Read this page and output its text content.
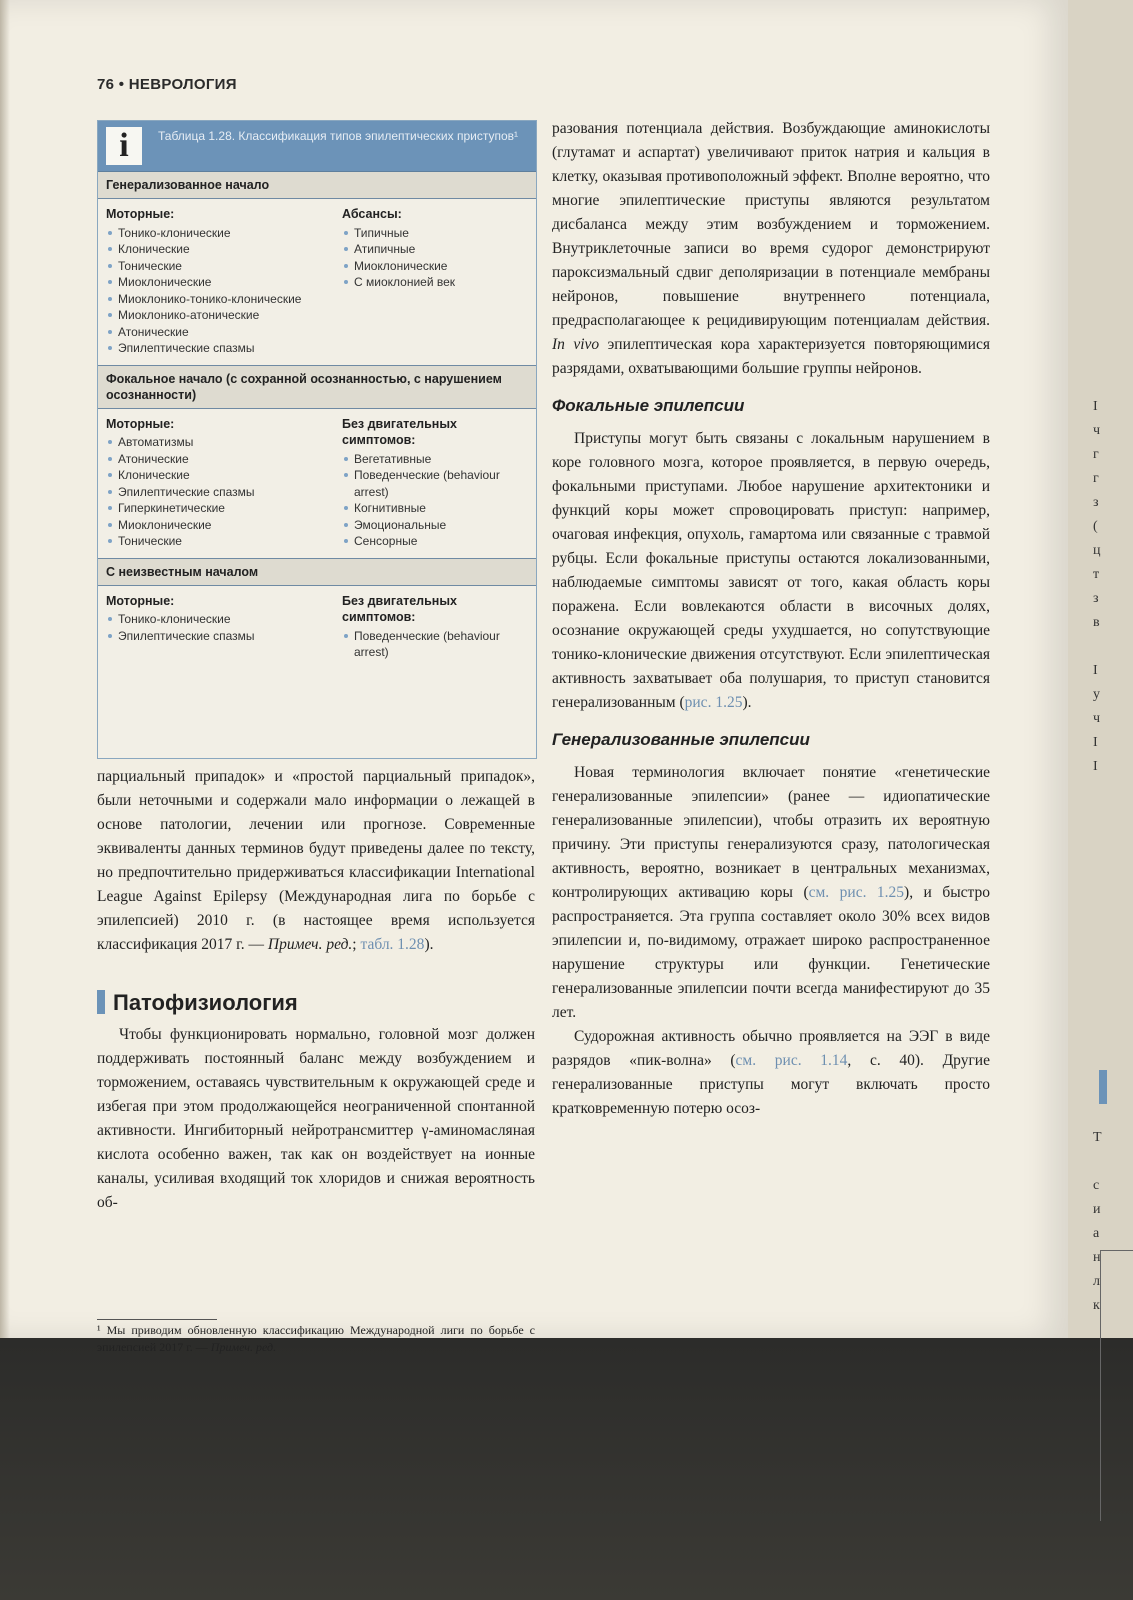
76 • НЕВРОЛОГИЯ
i	Таблица 1.28. Классификация типов эпилептических приступов¹
Генерализованное начало
Моторные:
Тонико-клонические
Клонические
Тонические
Миоклонические
Миоклонико-тонико-клонические
Миоклонико-атонические
Атонические
Эпилептические спазмы
Абсансы:
Типичные
Атипичные
Миоклонические
С миоклонией век
Фокальное начало (с сохранной осознанностью, с нарушением осознанности)
Моторные:
Автоматизмы
Атонические
Клонические
Эпилептические спазмы
Гиперкинетические
Миоклонические
Тонические
Без двигательных симптомов:
Вегетативные
Поведенческие (behaviour arrest)
Когнитивные
Эмоциональные
Сенсорные
С неизвестным началом
Моторные:
Тонико-клонические
Эпилептические спазмы
Без двигательных симптомов:
Поведенческие (behaviour arrest)

парциальный припадок» и «простой парциальный припадок», были неточными и содержали мало информации о лежащей в основе патологии, лечении или прогнозе. Современные эквиваленты данных терминов будут приведены далее по тексту, но предпочтительно придерживаться классификации International League Against Epilepsy (Международная лига по борьбе с эпилепсией) 2010 г. (в настоящее время используется классификация 2017 г. — Примеч. ред.; табл. 1.28).

Патофизиология

Чтобы функционировать нормально, головной мозг должен поддерживать постоянный баланс между возбуждением и торможением, оставаясь чувствительным к окружающей среде и избегая при этом продолжающейся неограниченной спонтанной активности. Ингибиторный нейротрансмиттер γ-аминомасляная кислота особенно важен, так как он воздействует на ионные каналы, усиливая входящий ток хлоридов и снижая вероятность об-

¹ Мы приводим обновленную классификацию Международной лиги по борьбе с эпилепсией 2017 г. — Примеч. ред.

разования потенциала действия. Возбуждающие аминокислоты (глутамат и аспартат) увеличивают приток натрия и кальция в клетку, оказывая противоположный эффект. Вполне вероятно, что многие эпилептические приступы являются результатом дисбаланса между этим возбуждением и торможением. Внутриклеточные записи во время судорог демонстрируют пароксизмальный сдвиг деполяризации в потенциале мембраны нейронов, повышение внутреннего потенциала, предрасполагающее к рецидивирующим потенциалам действия. In vivo эпилептическая кора характеризуется повторяющимися разрядами, охватывающими большие группы нейронов.

Фокальные эпилепсии

Приступы могут быть связаны с локальным нарушением в коре головного мозга, которое проявляется, в первую очередь, фокальными приступами. Любое нарушение архитектоники и функций коры может спровоцировать приступ: например, очаговая инфекция, опухоль, гамартома или связанные с травмой рубцы. Если фокальные приступы остаются локализованными, наблюдаемые симптомы зависят от того, какая область коры поражена. Если вовлекаются области в височных долях, осознание окружающей среды ухудшается, но сопутствующие тонико-клонические движения отсутствуют. Если эпилептическая активность захватывает оба полушария, то приступ становится генерализованным (рис. 1.25).

Генерализованные эпилепсии

Новая терминология включает понятие «генетические генерализованные эпилепсии» (ранее — идиопатические генерализованные эпилепсии), чтобы отразить их вероятную причину. Эти приступы генерализуются сразу, патологическая активность, вероятно, возникает в центральных механизмах, контролирующих активацию коры (см. рис. 1.25), и быстро распространяется. Эта группа составляет около 30% всех видов эпилепсии и, по-видимому, отражает широко распространенное нарушение структуры или функции. Генетические генерализованные эпилепсии почти всегда манифестируют до 35 лет.

Судорожная активность обычно проявляется на ЭЭГ в виде разрядов «пик-волна» (см. рис. 1.14, с. 40). Другие генерализованные приступы могут включать просто кратковременную потерю осоз-

I
ч
г
г
з
(
ц
т
з
в
I
у
ч
I
I
Т
с
и
а
н
л
к
